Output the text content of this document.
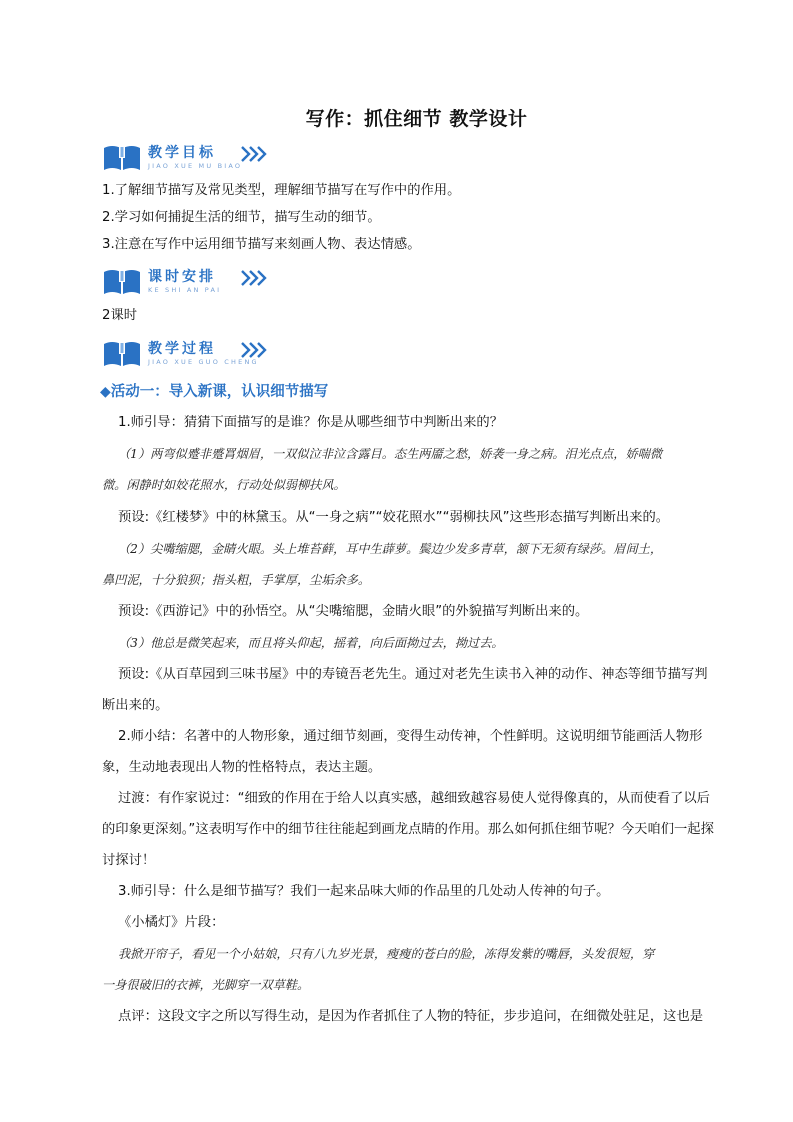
写作：抓住细节 教学设计
教学目标
JIAO XUE MU BIAO
1.了解细节描写及常见类型，理解细节描写在写作中的作用。
2.学习如何捕捉生活的细节，描写生动的细节。
3.注意在写作中运用细节描写来刻画人物、表达情感。
课时安排
KE SHI AN PAI
2课时
教学过程
JIAO XUE GUO CHENG
◆活动一：导入新课，认识细节描写
1.师引导：猜猜下面描写的是谁？你是从哪些细节中判断出来的？
（1）两弯似蹙非蹙罥烟眉，一双似泣非泣含露目。态生两靥之愁，娇袭一身之病。泪光点点，娇喘微
微。闲静时如姣花照水，行动处似弱柳扶风。
预设:《红楼梦》中的林黛玉。从“一身之病”“姣花照水”“弱柳扶风”这些形态描写判断出来的。
（2）尖嘴缩腮，金睛火眼。头上堆苔藓，耳中生薜萝。鬓边少发多青草，颔下无须有绿莎。眉间土，
鼻凹泥，十分狼狈；指头粗，手掌厚，尘垢余多。
预设:《西游记》中的孙悟空。从“尖嘴缩腮，金睛火眼”的外貌描写判断出来的。
（3）他总是微笑起来，而且将头仰起，摇着，向后面拗过去，拗过去。
预设:《从百草园到三味书屋》中的寿镜吾老先生。通过对老先生读书入神的动作、神态等细节描写判
断出来的。
2.师小结：名著中的人物形象，通过细节刻画，变得生动传神，个性鲜明。这说明细节能画活人物形
象，生动地表现出人物的性格特点，表达主题。
过渡：有作家说过：“细致的作用在于给人以真实感，越细致越容易使人觉得像真的，从而使看了以后
的印象更深刻。”这表明写作中的细节往往能起到画龙点睛的作用。那么如何抓住细节呢？今天咱们一起探
讨探讨！
3.师引导：什么是细节描写？我们一起来品味大师的作品里的几处动人传神的句子。
《小橘灯》片段：
我掀开帘子，看见一个小姑娘，只有八九岁光景，瘦瘦的苍白的脸，冻得发紫的嘴唇，头发很短，穿
一身很破旧的衣裤，光脚穿一双草鞋。
点评：这段文字之所以写得生动，是因为作者抓住了人物的特征，步步追问，在细微处驻足，这也是
